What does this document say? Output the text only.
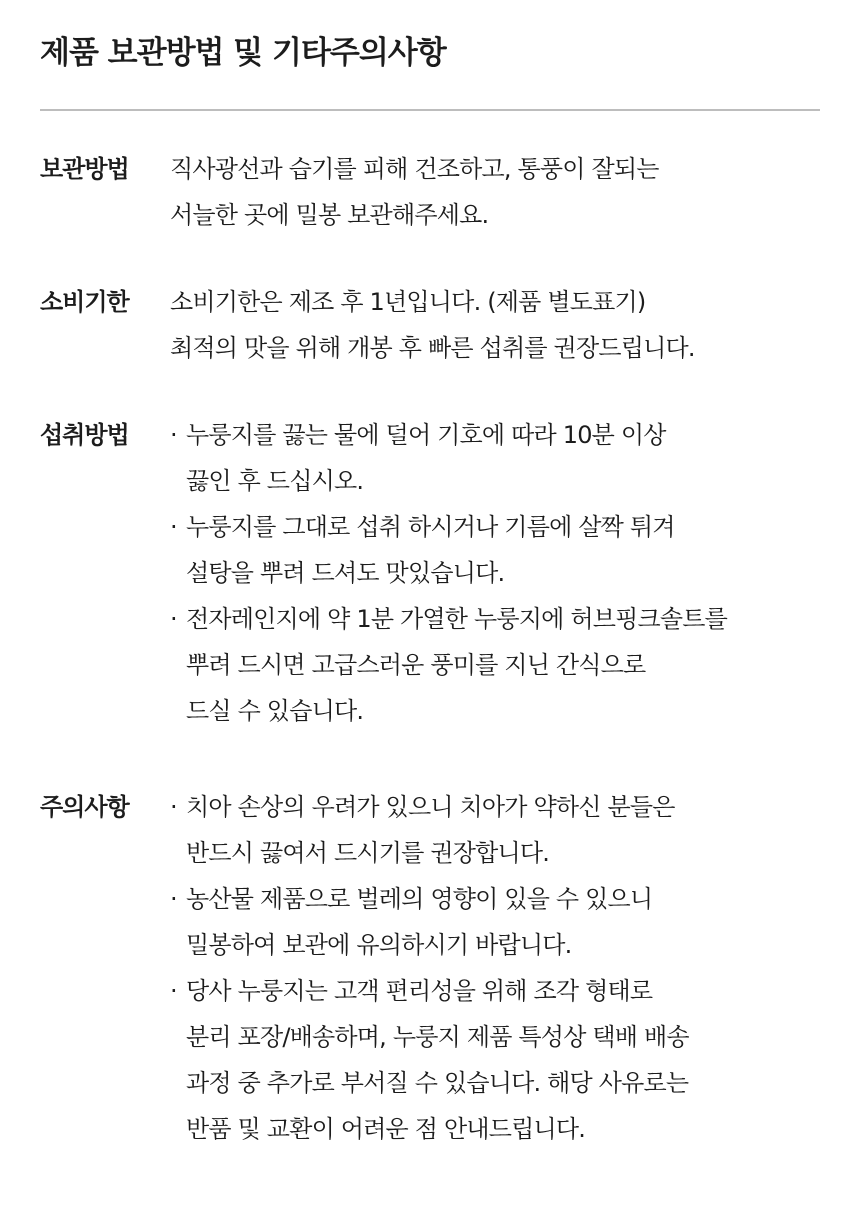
제품 보관방법 및 기타주의사항
보관방법 직사광선과 습기를 피해 건조하고, 통풍이 잘되는
서늘한 곳에 밀봉 보관해주세요.
소비기한 소비기한은 제조 후 1년입니다. (제품 별도표기)
최적의 맛을 위해 개봉 후 빠른 섭취를 권장드립니다.
섭취방법 · 누룽지를 끓는 물에 덜어 기호에 따라 10분 이상
끓인 후 드십시오.
· 누룽지를 그대로 섭취 하시거나 기름에 살짝 튀겨
설탕을 뿌려 드셔도 맛있습니다.
· 전자레인지에 약 1분 가열한 누룽지에 허브핑크솔트를
뿌려 드시면 고급스러운 풍미를 지닌 간식으로
드실 수 있습니다.
주의사항 · 치아 손상의 우려가 있으니 치아가 약하신 분들은
반드시 끓여서 드시기를 권장합니다.
· 농산물 제품으로 벌레의 영향이 있을 수 있으니
밀봉하여 보관에 유의하시기 바랍니다.
· 당사 누룽지는 고객 편리성을 위해 조각 형태로
분리 포장/배송하며, 누룽지 제품 특성상 택배 배송
과정 중 추가로 부서질 수 있습니다. 해당 사유로는
반품 및 교환이 어려운 점 안내드립니다.
